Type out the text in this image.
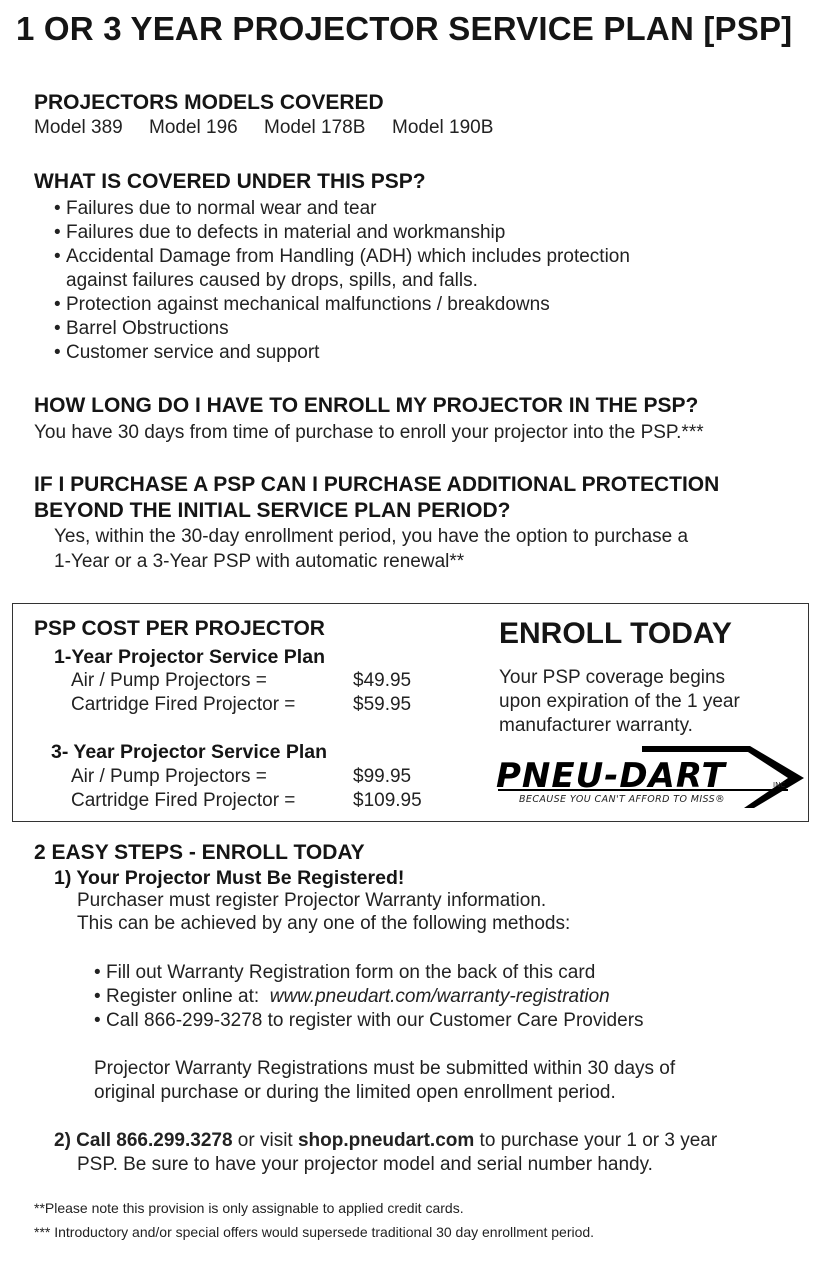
1 OR 3 YEAR PROJECTOR SERVICE PLAN [PSP]
PROJECTORS MODELS COVERED
Model 389 Model 196 Model 178B Model 190B
WHAT IS COVERED UNDER THIS PSP?
• Failures due to normal wear and tear
• Failures due to defects in material and workmanship
• Accidental Damage from Handling (ADH) which includes protection
against failures caused by drops, spills, and falls.
• Protection against mechanical malfunctions / breakdowns
• Barrel Obstructions
• Customer service and support
HOW LONG DO I HAVE TO ENROLL MY PROJECTOR IN THE PSP?
You have 30 days from time of purchase to enroll your projector into the PSP.***
IF I PURCHASE A PSP CAN I PURCHASE ADDITIONAL PROTECTION
BEYOND THE INITIAL SERVICE PLAN PERIOD?
Yes, within the 30-day enrollment period, you have the option to purchase a
1-Year or a 3-Year PSP with automatic renewal**
PSP COST PER PROJECTOR
1-Year Projector Service Plan
Air / Pump Projectors =	$49.95
Cartridge Fired Projector =	$59.95
3- Year Projector Service Plan
Air / Pump Projectors =	$99.95
Cartridge Fired Projector =	$109.95
ENROLL TODAY
Your PSP coverage begins
upon expiration of the 1 year
manufacturer warranty.
PNEU-DART	INC
BECAUSE YOU CAN'T AFFORD TO MISS®
2 EASY STEPS - ENROLL TODAY
1) Your Projector Must Be Registered!
Purchaser must register Projector Warranty information.
This can be achieved by any one of the following methods:
• Fill out Warranty Registration form on the back of this card
• Register online at: www.pneudart.com/warranty-registration
• Call 866-299-3278 to register with our Customer Care Providers
Projector Warranty Registrations must be submitted within 30 days of
original purchase or during the limited open enrollment period.
2) Call 866.299.3278 or visit shop.pneudart.com to purchase your 1 or 3 year
PSP. Be sure to have your projector model and serial number handy.
**Please note this provision is only assignable to applied credit cards.
*** Introductory and/or special offers would supersede traditional 30 day enrollment period.
